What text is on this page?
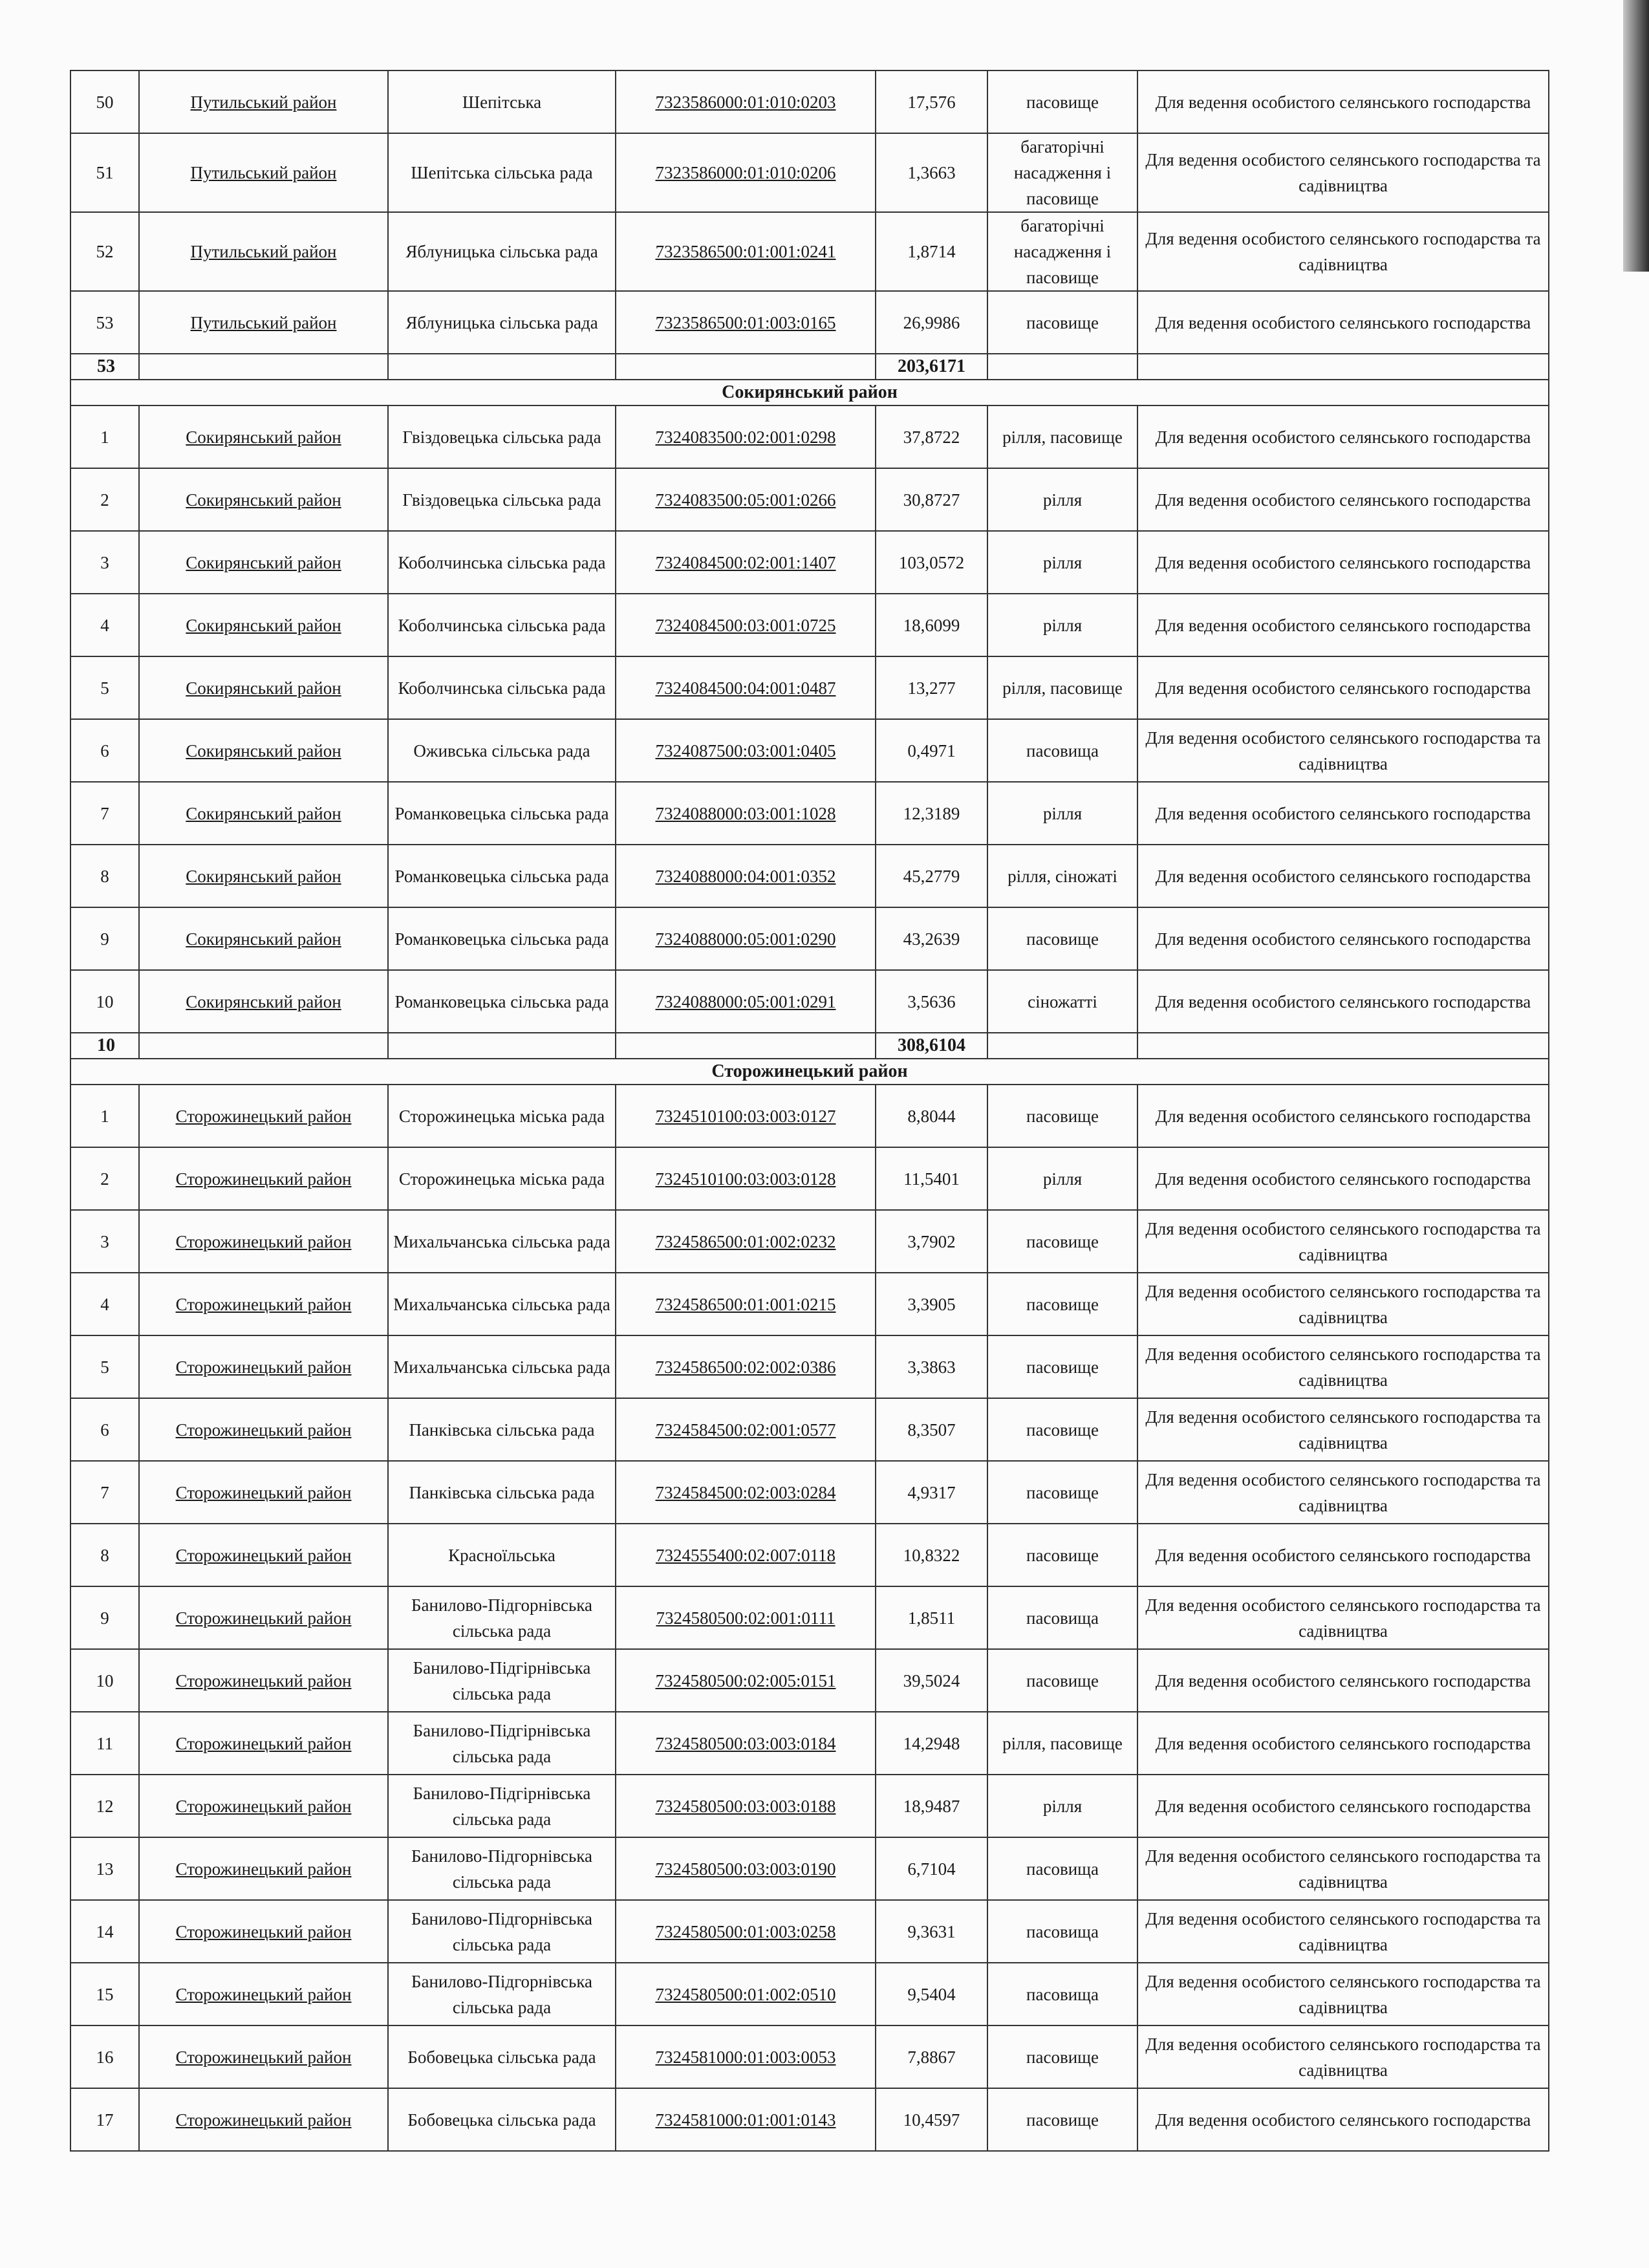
50	Путильський район	Шепітська	7323586000:01:010:0203	17,576	пасовище	Для ведення особистого селянського господарства
51	Путильський район	Шепітська сільська рада	7323586000:01:010:0206	1,3663	багаторічні насадження і пасовище	Для ведення особистого селянського господарства та садівництва
52	Путильський район	Яблуницька сільська рада	7323586500:01:001:0241	1,8714	багаторічні насадження і пасовище	Для ведення особистого селянського господарства та садівництва
53	Путильський район	Яблуницька сільська рада	7323586500:01:003:0165	26,9986	пасовище	Для ведення особистого селянського господарства
53				203,6171		
Сокирянський район						
1	Сокирянський район	Гвіздовецька сільська рада	7324083500:02:001:0298	37,8722	рілля, пасовище	Для ведення особистого селянського господарства
2	Сокирянський район	Гвіздовецька сільська рада	7324083500:05:001:0266	30,8727	рілля	Для ведення особистого селянського господарства
3	Сокирянський район	Коболчинська сільська рада	7324084500:02:001:1407	103,0572	рілля	Для ведення особистого селянського господарства
4	Сокирянський район	Коболчинська сільська рада	7324084500:03:001:0725	18,6099	рілля	Для ведення особистого селянського господарства
5	Сокирянський район	Коболчинська сільська рада	7324084500:04:001:0487	13,277	рілля, пасовище	Для ведення особистого селянського господарства
6	Сокирянський район	Оживська сільська рада	7324087500:03:001:0405	0,4971	пасовища	Для ведення особистого селянського господарства та садівництва
7	Сокирянський район	Романковецька сільська рада	7324088000:03:001:1028	12,3189	рілля	Для ведення особистого селянського господарства
8	Сокирянський район	Романковецька сільська рада	7324088000:04:001:0352	45,2779	рілля, сіножаті	Для ведення особистого селянського господарства
9	Сокирянський район	Романковецька сільська рада	7324088000:05:001:0290	43,2639	пасовище	Для ведення особистого селянського господарства
10	Сокирянський район	Романковецька сільська рада	7324088000:05:001:0291	3,5636	сіножатті	Для ведення особистого селянського господарства
10				308,6104		
Сторожинецький район						
1	Сторожинецький район	Сторожинецька міська рада	7324510100:03:003:0127	8,8044	пасовище	Для ведення особистого селянського господарства
2	Сторожинецький район	Сторожинецька міська рада	7324510100:03:003:0128	11,5401	рілля	Для ведення особистого селянського господарства
3	Сторожинецький район	Михальчанська сільська рада	7324586500:01:002:0232	3,7902	пасовище	Для ведення особистого селянського господарства та садівництва
4	Сторожинецький район	Михальчанська сільська рада	7324586500:01:001:0215	3,3905	пасовище	Для ведення особистого селянського господарства та садівництва
5	Сторожинецький район	Михальчанська сільська рада	7324586500:02:002:0386	3,3863	пасовище	Для ведення особистого селянського господарства та садівництва
6	Сторожинецький район	Панківська сільська рада	7324584500:02:001:0577	8,3507	пасовище	Для ведення особистого селянського господарства та садівництва
7	Сторожинецький район	Панківська сільська рада	7324584500:02:003:0284	4,9317	пасовище	Для ведення особистого селянського господарства та садівництва
8	Сторожинецький район	Красноїльська	7324555400:02:007:0118	10,8322	пасовище	Для ведення особистого селянського господарства
9	Сторожинецький район	Банилово-Підгорнівська сільська рада	7324580500:02:001:0111	1,8511	пасовища	Для ведення особистого селянського господарства та садівництва
10	Сторожинецький район	Банилово-Підгірнівська сільська рада	7324580500:02:005:0151	39,5024	пасовище	Для ведення особистого селянського господарства
11	Сторожинецький район	Банилово-Підгірнівська сільська рада	7324580500:03:003:0184	14,2948	рілля, пасовище	Для ведення особистого селянського господарства
12	Сторожинецький район	Банилово-Підгірнівська сільська рада	7324580500:03:003:0188	18,9487	рілля	Для ведення особистого селянського господарства
13	Сторожинецький район	Банилово-Підгорнівська сільська рада	7324580500:03:003:0190	6,7104	пасовища	Для ведення особистого селянського господарства та садівництва
14	Сторожинецький район	Банилово-Підгорнівська сільська рада	7324580500:01:003:0258	9,3631	пасовища	Для ведення особистого селянського господарства та садівництва
15	Сторожинецький район	Банилово-Підгорнівська сільська рада	7324580500:01:002:0510	9,5404	пасовища	Для ведення особистого селянського господарства та садівництва
16	Сторожинецький район	Бобовецька сільська рада	7324581000:01:003:0053	7,8867	пасовище	Для ведення особистого селянського господарства та садівництва
17	Сторожинецький район	Бобовецька сільська рада	7324581000:01:001:0143	10,4597	пасовище	Для ведення особистого селянського господарства
